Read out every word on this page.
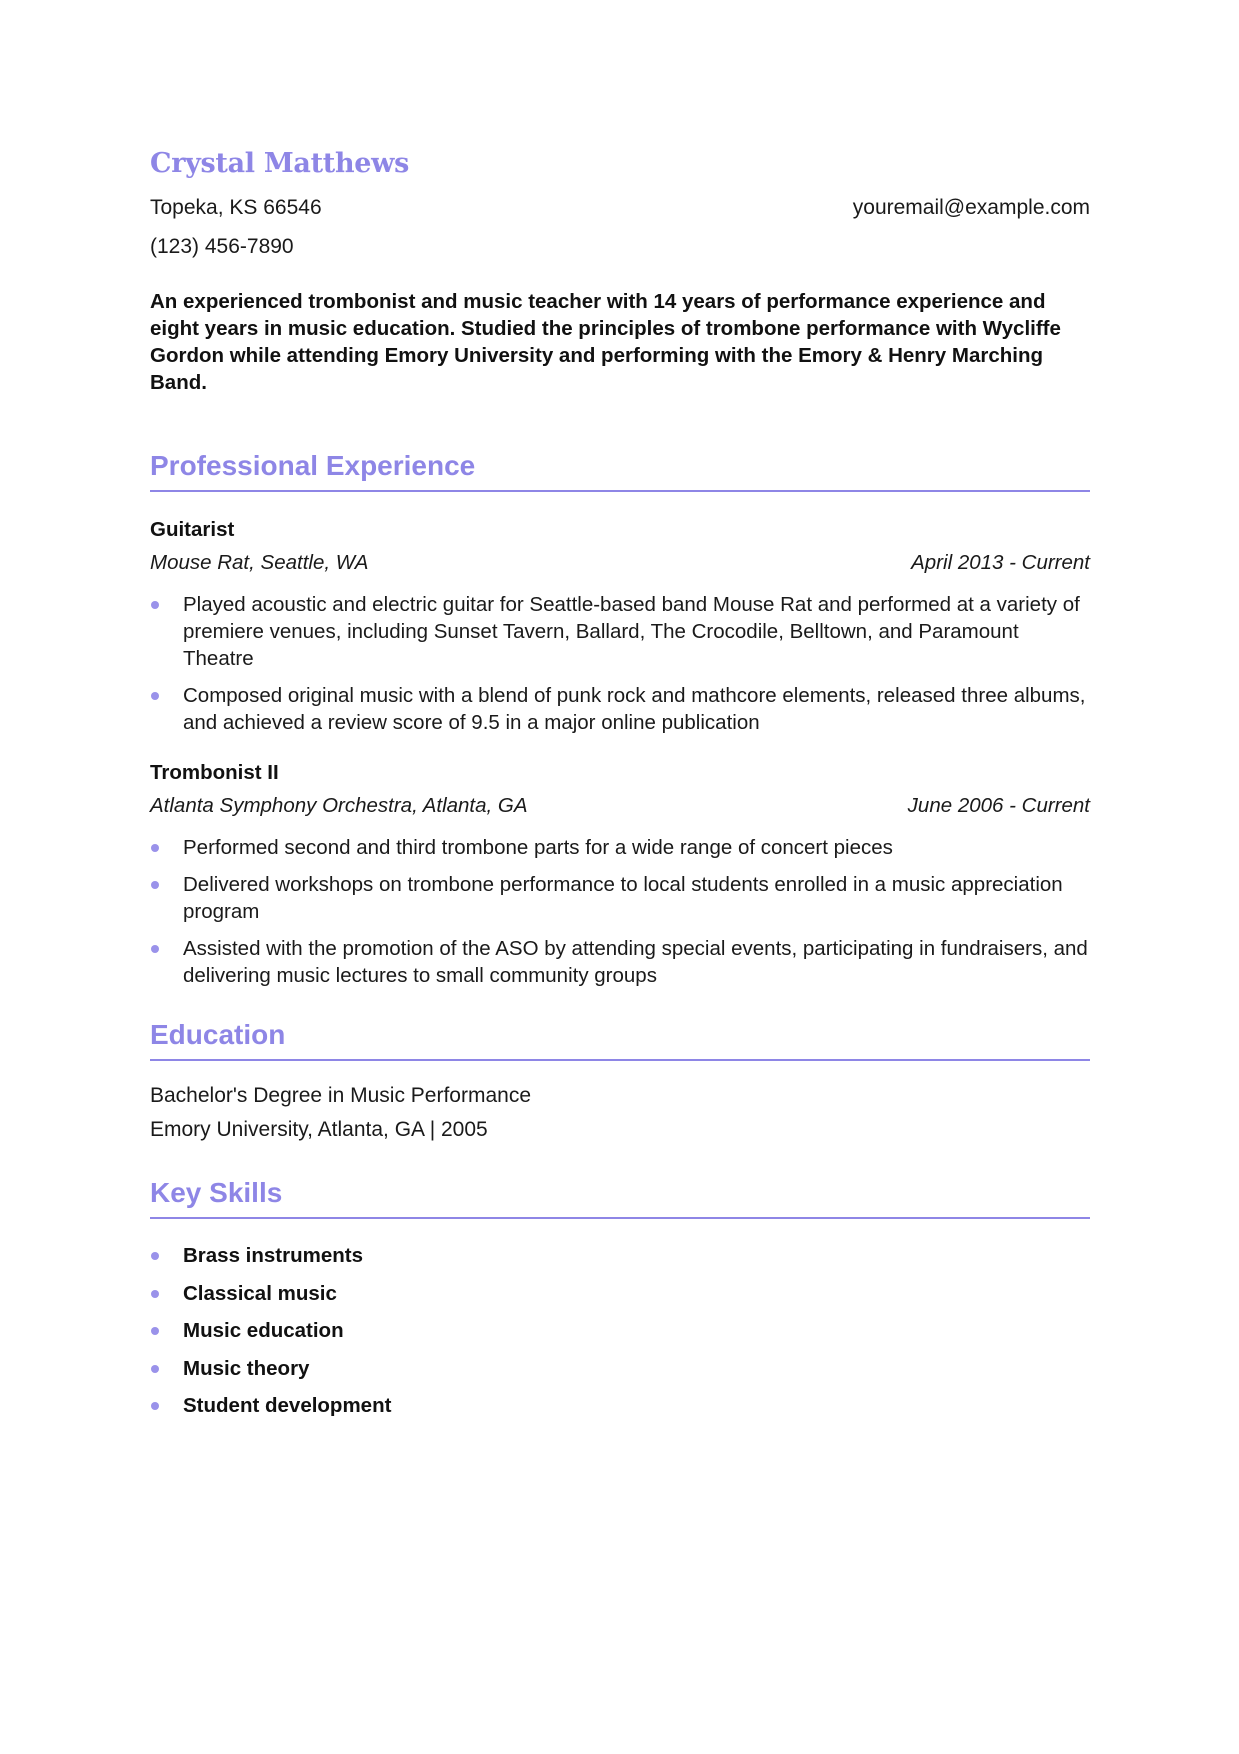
Crystal Matthews
Topeka, KS 66546	youremail@example.com
(123) 456-7890
An experienced trombonist and music teacher with 14 years of performance experience and eight years in music education. Studied the principles of trombone performance with Wycliffe Gordon while attending Emory University and performing with the Emory & Henry Marching Band.
Professional Experience
Guitarist
Mouse Rat, Seattle, WA	April 2013 - Current
Played acoustic and electric guitar for Seattle-based band Mouse Rat and performed at a variety of premiere venues, including Sunset Tavern, Ballard, The Crocodile, Belltown, and Paramount Theatre
Composed original music with a blend of punk rock and mathcore elements, released three albums, and achieved a review score of 9.5 in a major online publication
Trombonist II
Atlanta Symphony Orchestra, Atlanta, GA	June 2006 - Current
Performed second and third trombone parts for a wide range of concert pieces
Delivered workshops on trombone performance to local students enrolled in a music appreciation program
Assisted with the promotion of the ASO by attending special events, participating in fundraisers, and delivering music lectures to small community groups
Education
Bachelor's Degree in Music Performance
Emory University, Atlanta, GA | 2005
Key Skills
Brass instruments
Classical music
Music education
Music theory
Student development
